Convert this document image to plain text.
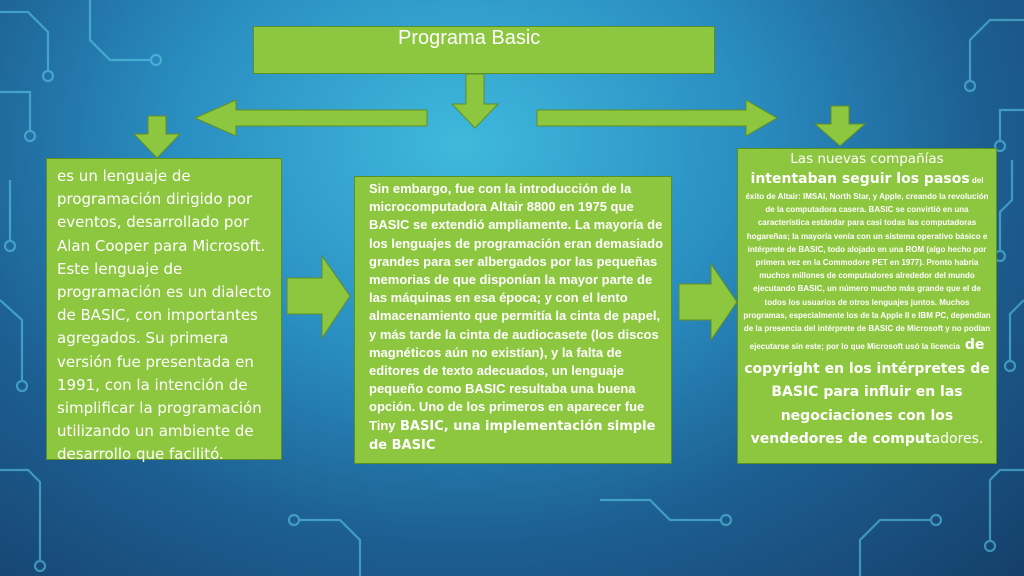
Programa Basic

es un lenguaje de programación dirigido por eventos, desarrollado por Alan Cooper para Microsoft. Este lenguaje de programación es un dialecto de BASIC, con importantes agregados. Su primera versión fue presentada en 1991, con la intención de simplificar la programación utilizando un ambiente de desarrollo que facilitó.

Sin embargo, fue con la introducción de la microcomputadora Altair 8800 en 1975 que BASIC se extendió ampliamente. La mayoría de los lenguajes de programación eran demasiado grandes para ser albergados por las pequeñas memorias de que disponían la mayor parte de las máquinas en esa época; y con el lento almacenamiento que permitía la cinta de papel, y más tarde la cinta de audiocasete (los discos magnéticos aún no existían), y la falta de editores de texto adecuados, un lenguaje pequeño como BASIC resultaba una buena opción. Uno de los primeros en aparecer fue Tiny BASIC, una implementación simple de BASIC

Las nuevas compañías

intentaban seguir los pasos del éxito de Altair: IMSAI, North Star, y Apple, creando la revolución de la computadora casera. BASIC se convirtió en una característica estándar para casi todas las computadoras hogareñas; la mayoría venía con un sistema operativo básico e intérprete de BASIC, todo alojado en una ROM (algo hecho por primera vez en la Commodore PET en 1977). Pronto habría muchos millones de computadores alrededor del mundo ejecutando BASIC, un número mucho más grande que el de todos los usuarios de otros lenguajes juntos. Muchos programas, especialmente los de la Apple II e IBM PC, dependían de la presencia del intérprete de BASIC de Microsoft y no podían ejecutarse sin este; por lo que Microsoft usó la licencia de copyright en los intérpretes de BASIC para influir en las negociaciones con los vendedores de computadores.
